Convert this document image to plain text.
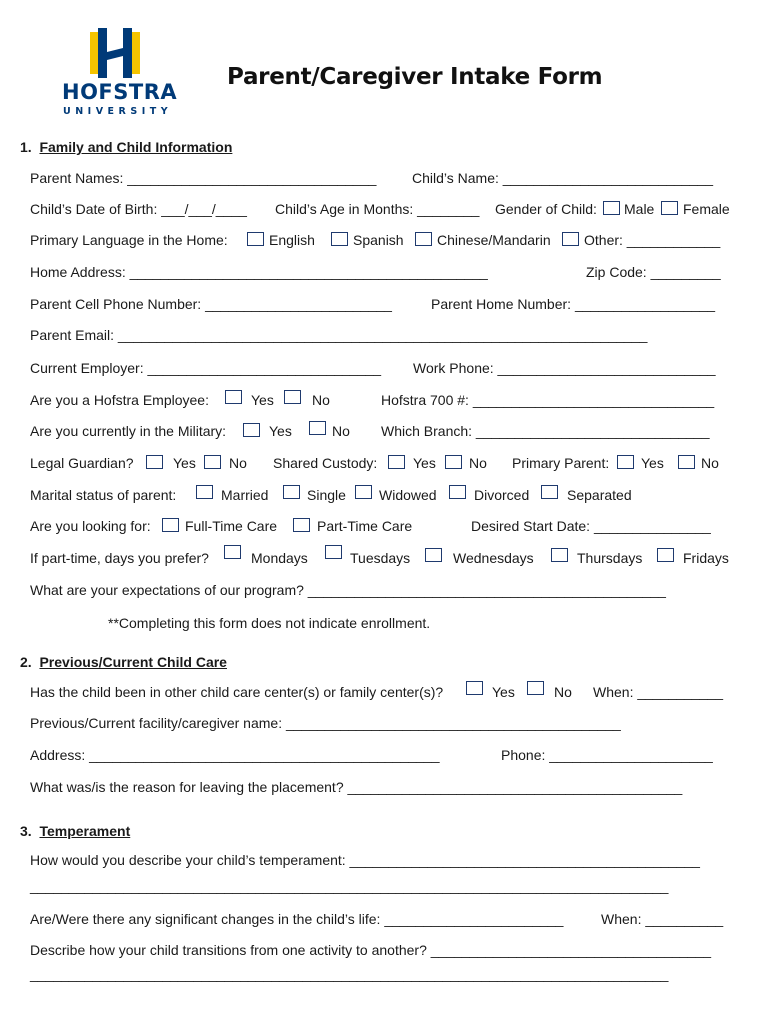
HOFSTRA
UNIVERSITY
Parent/Caregiver Intake Form
1. Family and Child Information
Parent Names: ________________________________	Child’s Name: ___________________________
Child’s Date of Birth: ___/___/____ Child’s Age in Months: ________ Gender of Child: Male Female
Primary Language in the Home:	English	Spanish Chinese/Mandarin Other: ____________
Home Address: ______________________________________________	Zip Code: _________
Parent Cell Phone Number: ________________________	Parent Home Number: __________________
Parent Email: ____________________________________________________________________
Current Employer: ______________________________ Work Phone: ____________________________
Are you a Hofstra Employee:	Yes	No	Hofstra 700 #: _______________________________
Are you currently in the Military:	Yes	No Which Branch: ______________________________
Legal Guardian?	Yes No Shared Custody:	Yes No Primary Parent: Yes	No
Marital status of parent:	Married	Single Widowed	Divorced	Separated
Are you looking for: Full-Time Care	Part-Time Care	Desired Start Date: _______________
If part-time, days you prefer?	Mondays	Tuesdays	Wednesdays	Thursdays	Fridays
What are your expectations of our program? ______________________________________________
**Completing this form does not indicate enrollment.
2. Previous/Current Child Care
Has the child been in other child care center(s) or family center(s)?	Yes	No When: ___________
Previous/Current facility/caregiver name: ___________________________________________
Address: _____________________________________________	Phone: _____________________
What was/is the reason for leaving the placement? ___________________________________________
3. Temperament
How would you describe your child’s temperament: _____________________________________________
__________________________________________________________________________________
Are/Were there any significant changes in the child’s life: _______________________	When: __________
Describe how your child transitions from one activity to another? ____________________________________
__________________________________________________________________________________
